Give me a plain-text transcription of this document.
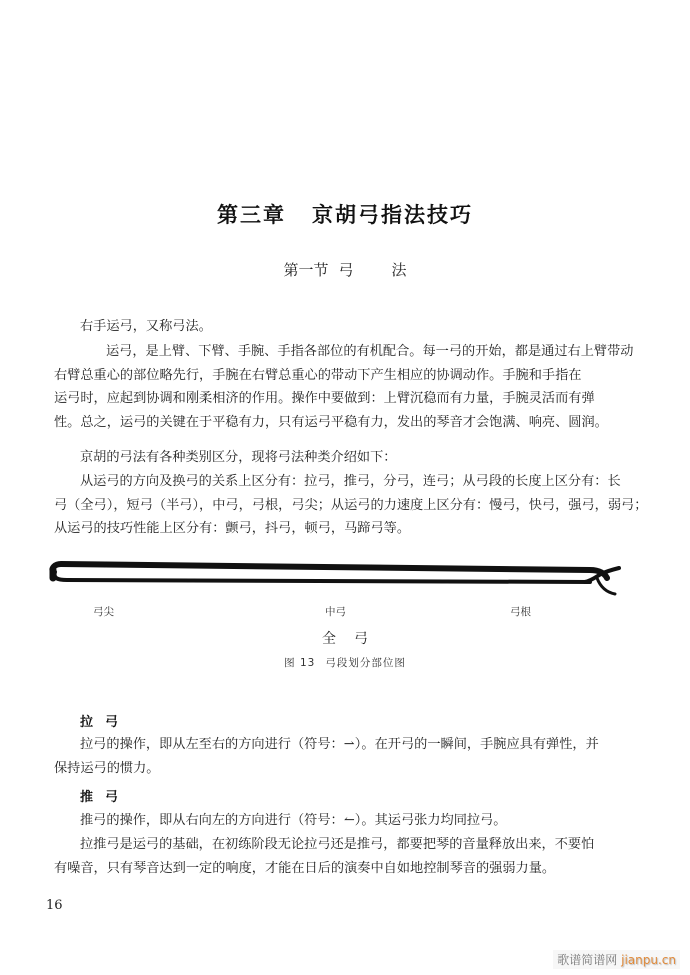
第三章 京胡弓指法技巧
第一节 弓	法
右手运弓，又称弓法。
运弓，是上臂、下臂、手腕、手指各部位的有机配合。每一弓的开始，都是通过右上臂带动
右臂总重心的部位略先行，手腕在右臂总重心的带动下产生相应的协调动作。手腕和手指在
运弓时，应起到协调和刚柔相济的作用。操作中要做到：上臂沉稳而有力量，手腕灵活而有弹
性。总之，运弓的关键在于平稳有力，只有运弓平稳有力，发出的琴音才会饱满、响亮、圆润。
京胡的弓法有各种类别区分，现将弓法种类介绍如下：
从运弓的方向及换弓的关系上区分有：拉弓，推弓，分弓，连弓；从弓段的长度上区分有：长
弓（全弓），短弓（半弓），中弓，弓根，弓尖；从运弓的力速度上区分有：慢弓，快弓，强弓，弱弓；
从运弓的技巧性能上区分有：颤弓，抖弓，顿弓，马蹄弓等。
弓尖	中弓	弓根
全 弓
图 13 弓段划分部位图
拉 弓
拉弓的操作，即从左至右的方向进行（符号：⇀）。在开弓的一瞬间，手腕应具有弹性，并
保持运弓的惯力。
推 弓
推弓的操作，即从右向左的方向进行（符号：↼）。其运弓张力均同拉弓。
拉推弓是运弓的基础，在初练阶段无论拉弓还是推弓，都要把琴的音量释放出来，不要怕
有噪音，只有琴音达到一定的响度，才能在日后的演奏中自如地控制琴音的强弱力量。
16
歌谱简谱网 jianpu.cn
